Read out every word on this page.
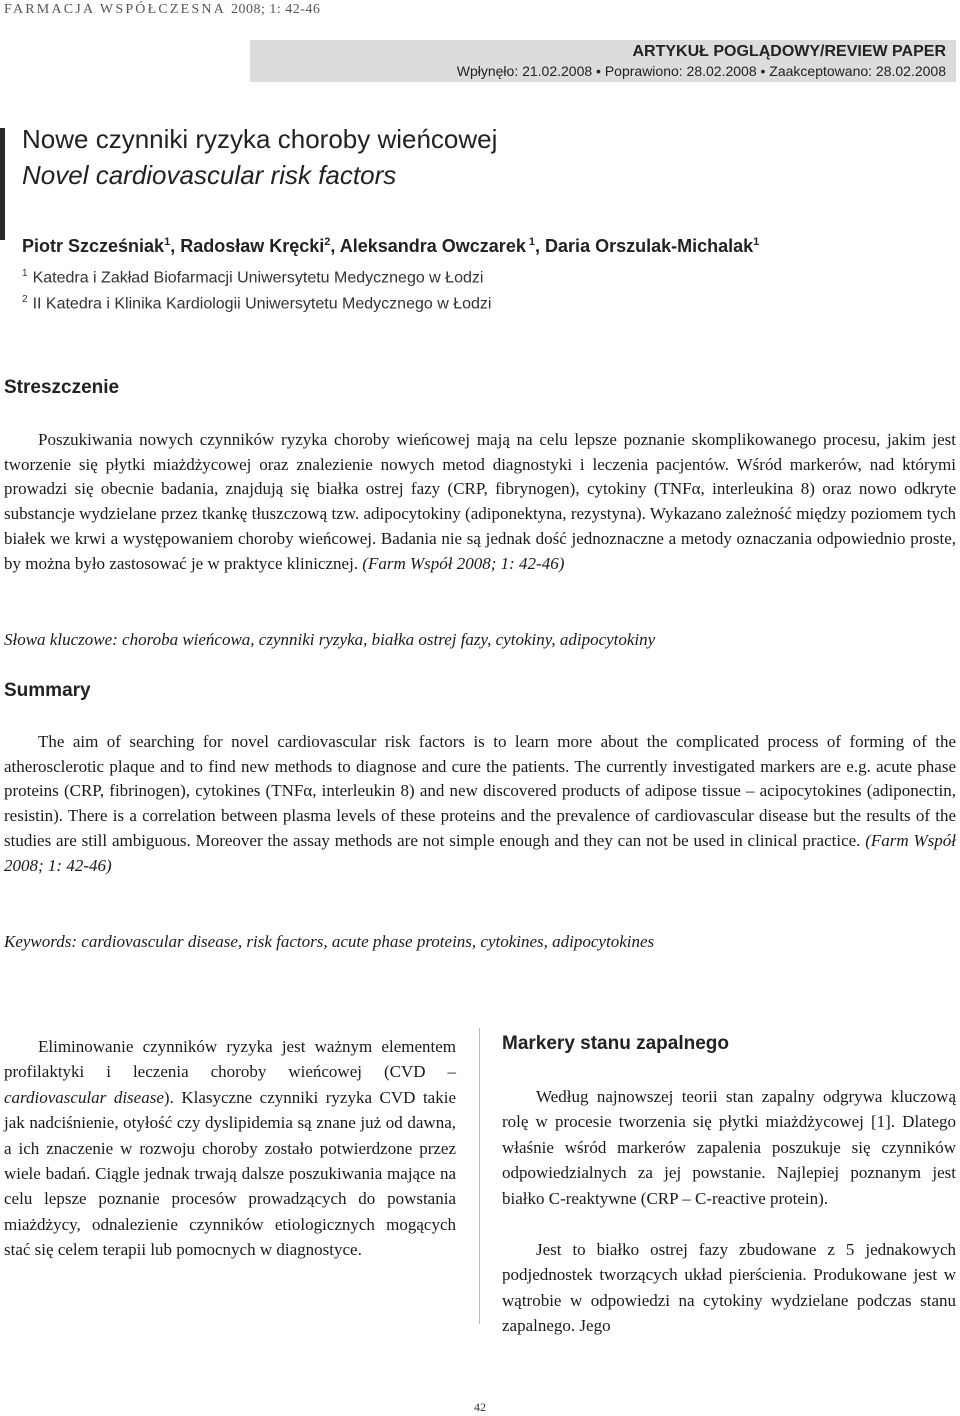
FARMACJA WSPÓŁCZESNA 2008; 1: 42-46
ARTYKUŁ POGLĄDOWY/REVIEW PAPER
Wpłynęło: 21.02.2008 • Poprawiono: 28.02.2008 • Zaakceptowano: 28.02.2008
Nowe czynniki ryzyka choroby wieńcowej
Novel cardiovascular risk factors
Piotr Szcześniak$^1$, Radosław Kręcki$^2$, Aleksandra Owczarek $^1$, Daria Orszulak-Michalak$^1$
$^1$ Katedra i Zakład Biofarmacji Uniwersytetu Medycznego w Łodzi
$^2$ II Katedra i Klinika Kardiologii Uniwersytetu Medycznego w Łodzi
Streszczenie

Poszukiwania nowych czynników ryzyka choroby wieńcowej mają na celu lepsze poznanie skomplikowanego procesu, jakim jest tworzenie się płytki miażdżycowej oraz znalezienie nowych metod diagnostyki i leczenia pacjentów. Wśród markerów, nad którymi prowadzi się obecnie badania, znajdują się białka ostrej fazy (CRP, fibrynogen), cytokiny (TNFα, interleukina 8) oraz nowo odkryte substancje wydzielane przez tkankę tłuszczową tzw. adipocytokiny (adiponektyna, rezystyna). Wykazano zależność między poziomem tych białek we krwi a występowaniem choroby wieńcowej. Badania nie są jednak dość jednoznaczne a metody oznaczania odpowiednio proste, by można było zastosować je w praktyce klinicznej. (Farm Współ 2008; 1: 42-46)

Słowa kluczowe: choroba wieńcowa, czynniki ryzyka, białka ostrej fazy, cytokiny, adipocytokiny

Summary

The aim of searching for novel cardiovascular risk factors is to learn more about the complicated process of forming of the atherosclerotic plaque and to find new methods to diagnose and cure the patients. The currently investigated markers are e.g. acute phase proteins (CRP, fibrinogen), cytokines (TNFα, interleukin 8) and new discovered products of adipose tissue – acipocytokines (adiponectin, resistin). There is a correlation between plasma levels of these proteins and the prevalence of cardiovascular disease but the results of the studies are still ambiguous. Moreover the assay methods are not simple enough and they can not be used in clinical practice. (Farm Współ 2008; 1: 42-46)

Keywords: cardiovascular disease, risk factors, acute phase proteins, cytokines, adipocytokines

Eliminowanie czynników ryzyka jest ważnym elementem profilaktyki i leczenia choroby wieńcowej (CVD – cardiovascular disease). Klasyczne czynniki ryzyka CVD takie jak nadciśnienie, otyłość czy dyslipidemia są znane już od dawna, a ich znaczenie w rozwoju choroby zostało potwierdzone przez wiele badań. Ciągle jednak trwają dalsze poszukiwania mające na celu lepsze poznanie procesów prowadzących do powstania miażdżycy, odnalezienie czynników etiologicznych mogących stać się celem terapii lub pomocnych w diagnostyce.

Markery stanu zapalnego

Według najnowszej teorii stan zapalny odgrywa kluczową rolę w procesie tworzenia się płytki miażdżycowej [1]. Dlatego właśnie wśród markerów zapalenia poszukuje się czynników odpowiedzialnych za jej powstanie. Najlepiej poznanym jest białko C-reaktywne (CRP – C-reactive protein).

Jest to białko ostrej fazy zbudowane z 5 jednakowych podjednostek tworzących układ pierścienia. Produkowane jest w wątrobie w odpowiedzi na cytokiny wydzielane podczas stanu zapalnego. Jego

42
